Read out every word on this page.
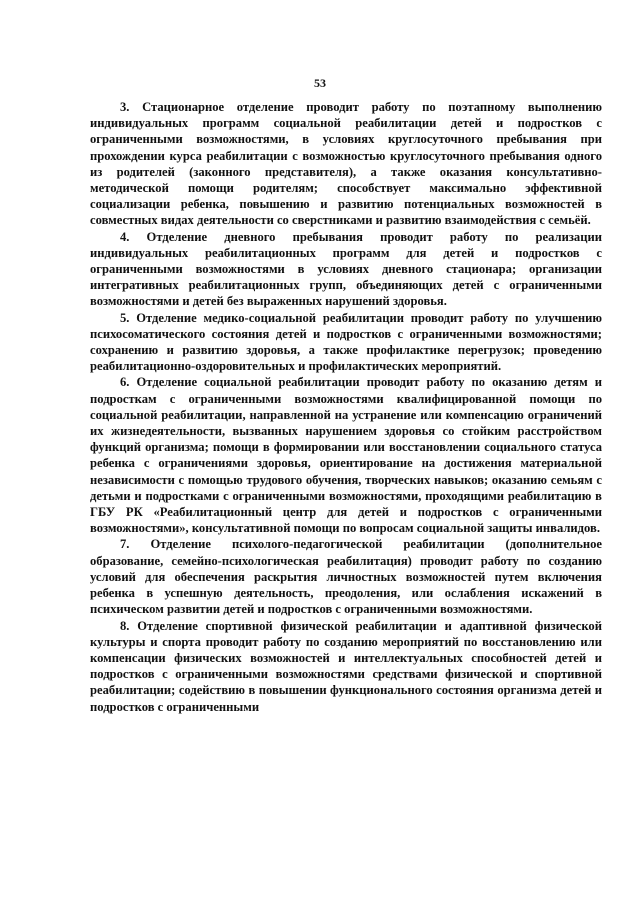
53

3. Стационарное отделение проводит работу по поэтапному выполнению индивидуальных программ социальной реабилитации детей и подростков с ограниченными возможностями, в условиях круглосуточного пребывания при прохождении курса реабилитации с возможностью круглосуточного пребывания одного из родителей (законного представителя), а также оказания консультативно-методической помощи родителям; способствует максимально эффективной социализации ребенка, повышению и развитию потенциальных возможностей в совместных видах деятельности со сверстниками и развитию взаимодействия с семьёй.

4. Отделение дневного пребывания проводит работу по реализации индивидуальных реабилитационных программ для детей и подростков с ограниченными возможностями в условиях дневного стационара; организации интегративных реабилитационных групп, объединяющих детей с ограниченными возможностями и детей без выраженных нарушений здоровья.

5. Отделение медико-социальной реабилитации проводит работу по улучшению психосоматического состояния детей и подростков с ограниченными возможностями; сохранению и развитию здоровья, а также профилактике перегрузок; проведению реабилитационно-оздоровительных и профилактических мероприятий.

6. Отделение социальной реабилитации проводит работу по оказанию детям и подросткам с ограниченными возможностями квалифицированной помощи по социальной реабилитации, направленной на устранение или компенсацию ограничений их жизнедеятельности, вызванных нарушением здоровья со стойким расстройством функций организма; помощи в формировании или восстановлении социального статуса ребенка с ограничениями здоровья, ориентирование на достижения материальной независимости с помощью трудового обучения, творческих навыков; оказанию семьям с детьми и подростками с ограниченными возможностями, проходящими реабилитацию в ГБУ РК «Реабилитационный центр для детей и подростков с ограниченными возможностями», консультативной помощи по вопросам социальной защиты инвалидов.

7. Отделение психолого-педагогической реабилитации (дополнительное образование, семейно-психологическая реабилитация) проводит работу по созданию условий для обеспечения раскрытия личностных возможностей путем включения ребенка в успешную деятельность, преодоления, или ослабления искажений в психическом развитии детей и подростков с ограниченными возможностями.

8. Отделение спортивной физической реабилитации и адаптивной физической культуры и спорта проводит работу по созданию мероприятий по восстановлению или компенсации физических возможностей и интеллектуальных способностей детей и подростков с ограниченными возможностями средствами физической и спортивной реабилитации; содействию в повышении функционального состояния организма детей и подростков с ограниченными
